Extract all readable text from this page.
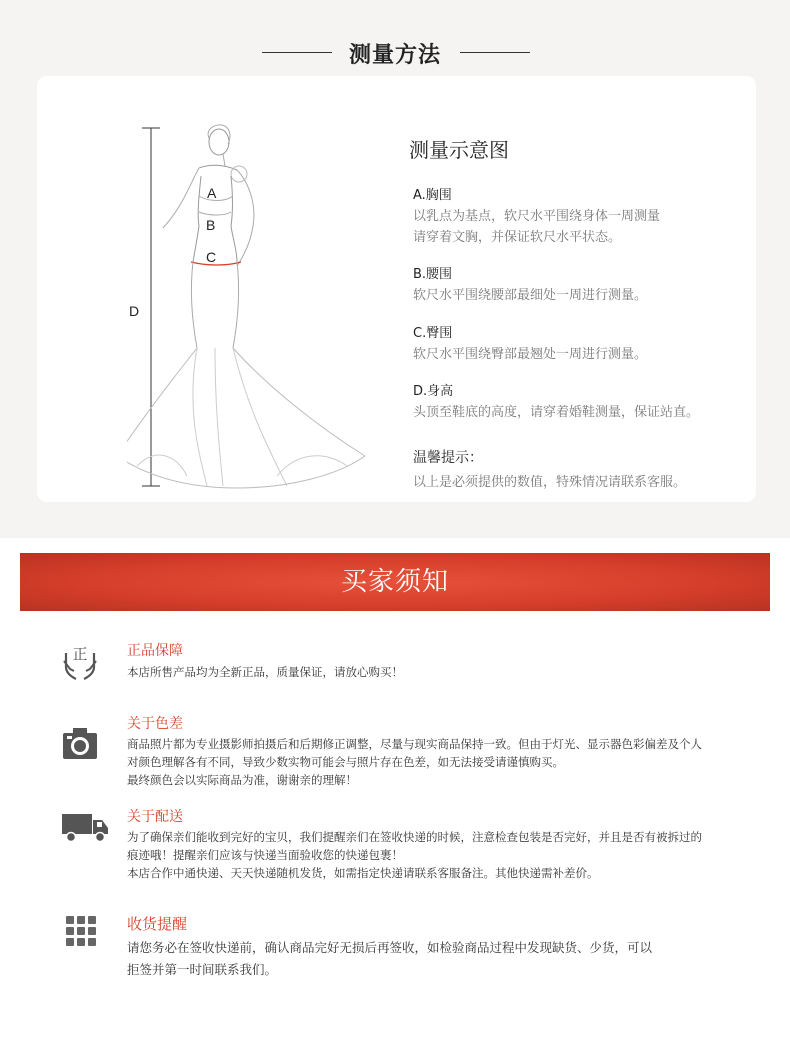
测量方法
A
B
C
D
测量示意图
A.胸围
以乳点为基点，软尺水平围绕身体一周测量
请穿着文胸，并保证软尺水平状态。
B.腰围
软尺水平围绕腰部最细处一周进行测量。
C.臀围
软尺水平围绕臀部最翘处一周进行测量。
D.身高
头顶至鞋底的高度，请穿着婚鞋测量，保证站直。
温馨提示：
以上是必须提供的数值，特殊情况请联系客服。
买家须知
正	正品保障

本店所售产品均为全新正品，质量保证，请放心购买！

关于色差

商品照片都为专业摄影师拍摄后和后期修正调整，尽量与现实商品保持一致。但由于灯光、显示器色彩偏差及个人

对颜色理解各有不同，导致少数实物可能会与照片存在色差，如无法接受请谨慎购买。

最终颜色会以实际商品为准，谢谢亲的理解！

关于配送

为了确保亲们能收到完好的宝贝，我们提醒亲们在签收快递的时候，注意检查包装是否完好，并且是否有被拆过的

痕迹哦！提醒亲们应该与快递当面验收您的快递包裹！

本店合作中通快递、天天快递随机发货，如需指定快递请联系客服备注。其他快递需补差价。

收货提醒

请您务必在签收快递前，确认商品完好无损后再签收，如检验商品过程中发现缺货、少货，可以

拒签并第一时间联系我们。
